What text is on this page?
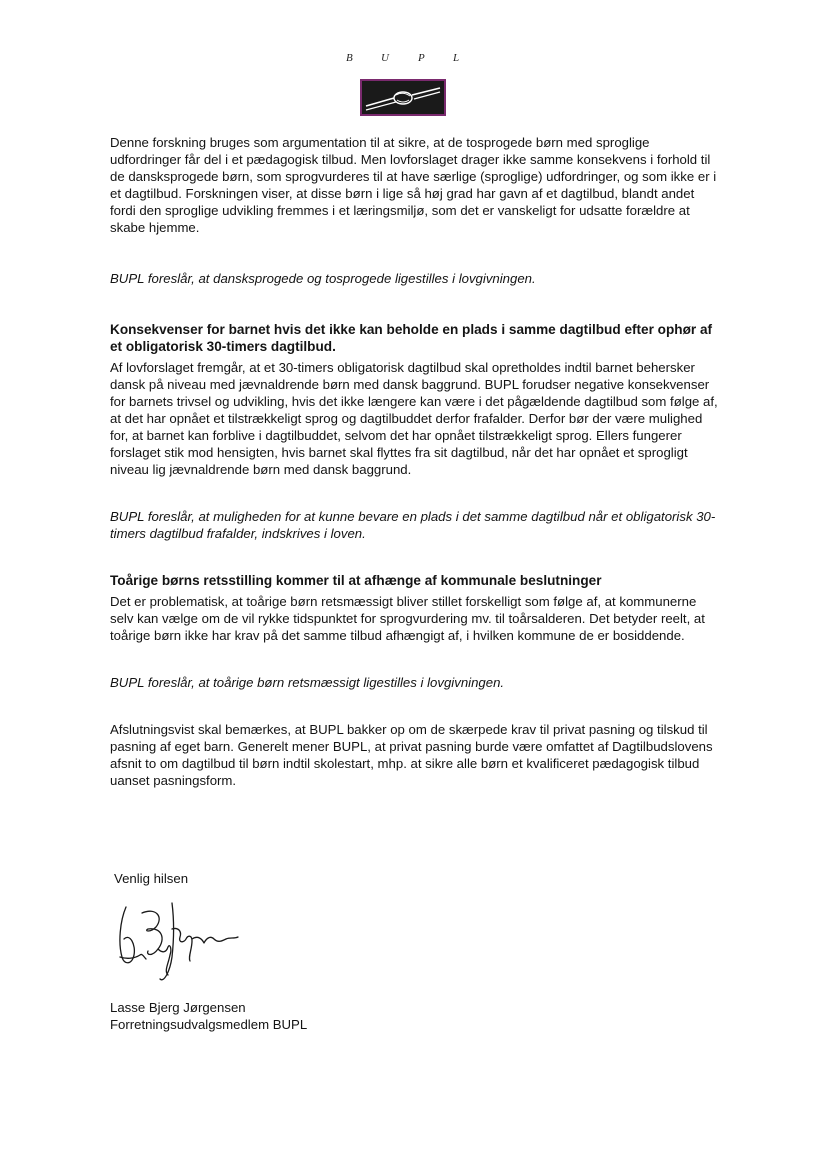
B	U	P	L

Denne forskning bruges som argumentation til at sikre, at de tosprogede børn med sproglige udfordringer får del i et pædagogisk tilbud. Men lovforslaget drager ikke samme konsekvens i forhold til de dansksprogede børn, som sprogvurderes til at have særlige (sproglige) udfordringer, og som ikke er i et dagtilbud. Forskningen viser, at disse børn i lige så høj grad har gavn af et dagtilbud, blandt andet fordi den sproglige udvikling fremmes i et læringsmiljø, som det er vanskeligt for udsatte forældre at skabe hjemme.

BUPL foreslår, at dansksprogede og tosprogede ligestilles i lovgivningen.

Konsekvenser for barnet hvis det ikke kan beholde en plads i samme dagtilbud efter ophør af et obligatorisk 30-timers dagtilbud.

Af lovforslaget fremgår, at et 30-timers obligatorisk dagtilbud skal opretholdes indtil barnet behersker dansk på niveau med jævnaldrende børn med dansk baggrund. BUPL forudser negative konsekvenser for barnets trivsel og udvikling, hvis det ikke længere kan være i det pågældende dagtilbud som følge af, at det har opnået et tilstrækkeligt sprog og dagtilbuddet derfor frafalder. Derfor bør der være mulighed for, at barnet kan forblive i dagtilbuddet, selvom det har opnået tilstrækkeligt sprog. Ellers fungerer forslaget stik mod hensigten, hvis barnet skal flyttes fra sit dagtilbud, når det har opnået et sprogligt niveau lig jævnaldrende børn med dansk baggrund.

BUPL foreslår, at muligheden for at kunne bevare en plads i det samme dagtilbud når et obligatorisk 30-timers dagtilbud frafalder, indskrives i loven.

Toårige børns retsstilling kommer til at afhænge af kommunale beslutninger

Det er problematisk, at toårige børn retsmæssigt bliver stillet forskelligt som følge af, at kommunerne selv kan vælge om de vil rykke tidspunktet for sprogvurdering mv. til toårsalderen. Det betyder reelt, at toårige børn ikke har krav på det samme tilbud afhængigt af, i hvilken kommune de er bosiddende.

BUPL foreslår, at toårige børn retsmæssigt ligestilles i lovgivningen.

Afslutningsvist skal bemærkes, at BUPL bakker op om de skærpede krav til privat pasning og tilskud til pasning af eget barn. Generelt mener BUPL, at privat pasning burde være omfattet af Dagtilbudslovens afsnit to om dagtilbud til børn indtil skolestart, mhp. at sikre alle børn et kvalificeret pædagogisk tilbud uanset pasningsform.

Venlig hilsen

Lasse Bjerg Jørgensen

Forretningsudvalgsmedlem BUPL
